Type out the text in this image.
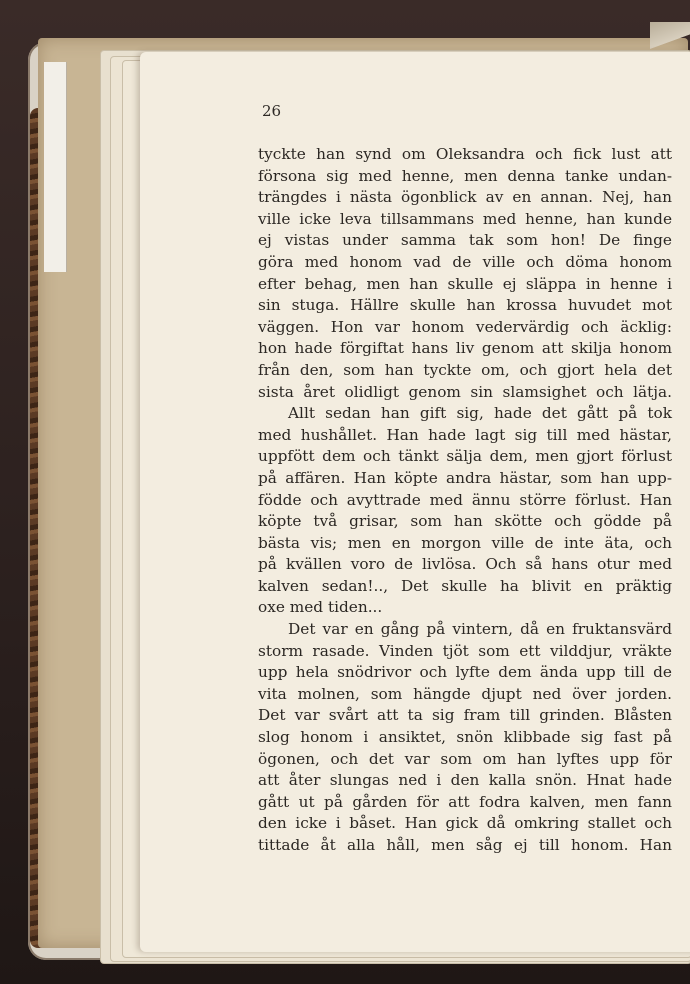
26

tyckte han synd om Oleksandra och fick lust att
försona sig med henne, men denna tanke undan-
trängdes i nästa ögonblick av en annan. Nej, han
ville icke leva tillsammans med henne, han kunde
ej vistas under samma tak som hon! De finge
göra med honom vad de ville och döma honom
efter behag, men han skulle ej släppa in henne i
sin stuga. Hällre skulle han krossa huvudet mot
väggen. Hon var honom vedervärdig och äcklig:
hon hade förgiftat hans liv genom att skilja honom
från den, som han tyckte om, och gjort hela det
sista året olidligt genom sin slamsighet och lätja.
Allt sedan han gift sig, hade det gått på tok
med hushållet. Han hade lagt sig till med hästar,
uppfött dem och tänkt sälja dem, men gjort förlust
på affären. Han köpte andra hästar, som han upp-
födde och avyttrade med ännu större förlust. Han
köpte två grisar, som han skötte och gödde på
bästa vis; men en morgon ville de inte äta, och
på kvällen voro de livlösa. Och så hans otur med
kalven sedan!.., Det skulle ha blivit en präktig
oxe med tiden...
Det var en gång på vintern, då en fruktansvärd
storm rasade. Vinden tjöt som ett vilddjur, vräkte
upp hela snödrivor och lyfte dem ända upp till de
vita molnen, som hängde djupt ned över jorden.
Det var svårt att ta sig fram till grinden. Blåsten
slog honom i ansiktet, snön klibbade sig fast på
ögonen, och det var som om han lyftes upp för
att åter slungas ned i den kalla snön. Hnat hade
gått ut på gården för att fodra kalven, men fann
den icke i båset. Han gick då omkring stallet och
tittade åt alla håll, men såg ej till honom. Han
